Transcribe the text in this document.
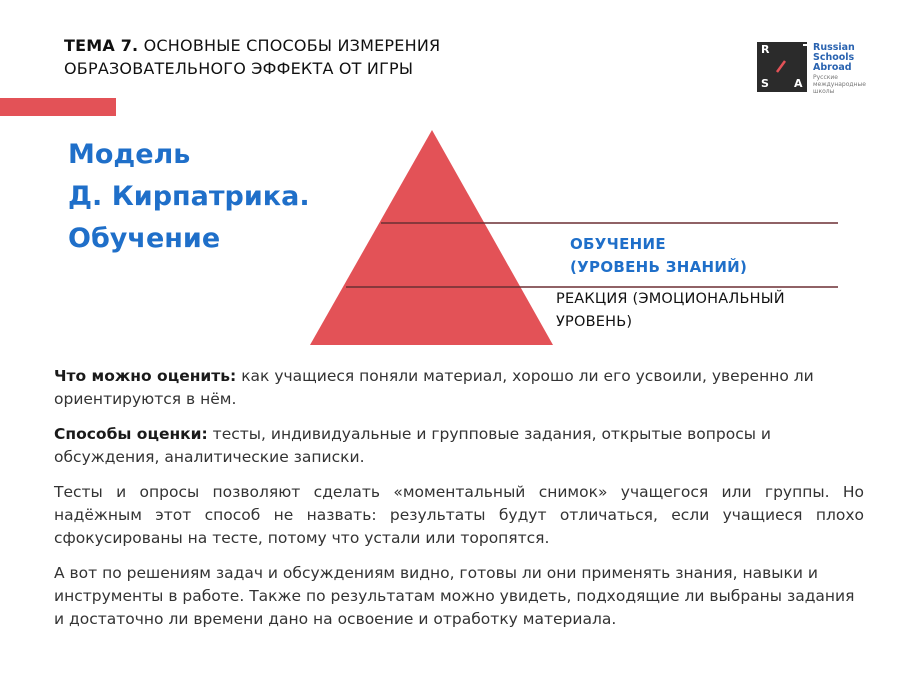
ТЕМА 7. ОСНОВНЫЕ СПОСОБЫ ИЗМЕРЕНИЯ
ОБРАЗОВАТЕЛЬНОГО ЭФФЕКТА ОТ ИГРЫ
R
S A
Russian
Schools
Abroad
Русские
международные
школы
Модель
Д. Кирпатрика.
Обучение	ОБУЧЕНИЕ
(УРОВЕНЬ ЗНАНИЙ)
РЕАКЦИЯ (ЭМОЦИОНАЛЬНЫЙ
УРОВЕНЬ)

Что можно оценить: как учащиеся поняли материал, хорошо ли его усвоили, уверенно ли ориентируются в нём.

Способы оценки: тесты, индивидуальные и групповые задания, открытые вопросы и обсуждения, аналитические записки.

Тесты и опросы позволяют сделать «моментальный снимок» учащегося или группы. Но надёжным этот способ не назвать: результаты будут отличаться, если учащиеся плохо сфокусированы на тесте, потому что устали или торопятся.

А вот по решениям задач и обсуждениям видно, готовы ли они применять знания, навыки и инструменты в работе. Также по результатам можно увидеть, подходящие ли выбраны задания и достаточно ли времени дано на освоение и отработку материала.
